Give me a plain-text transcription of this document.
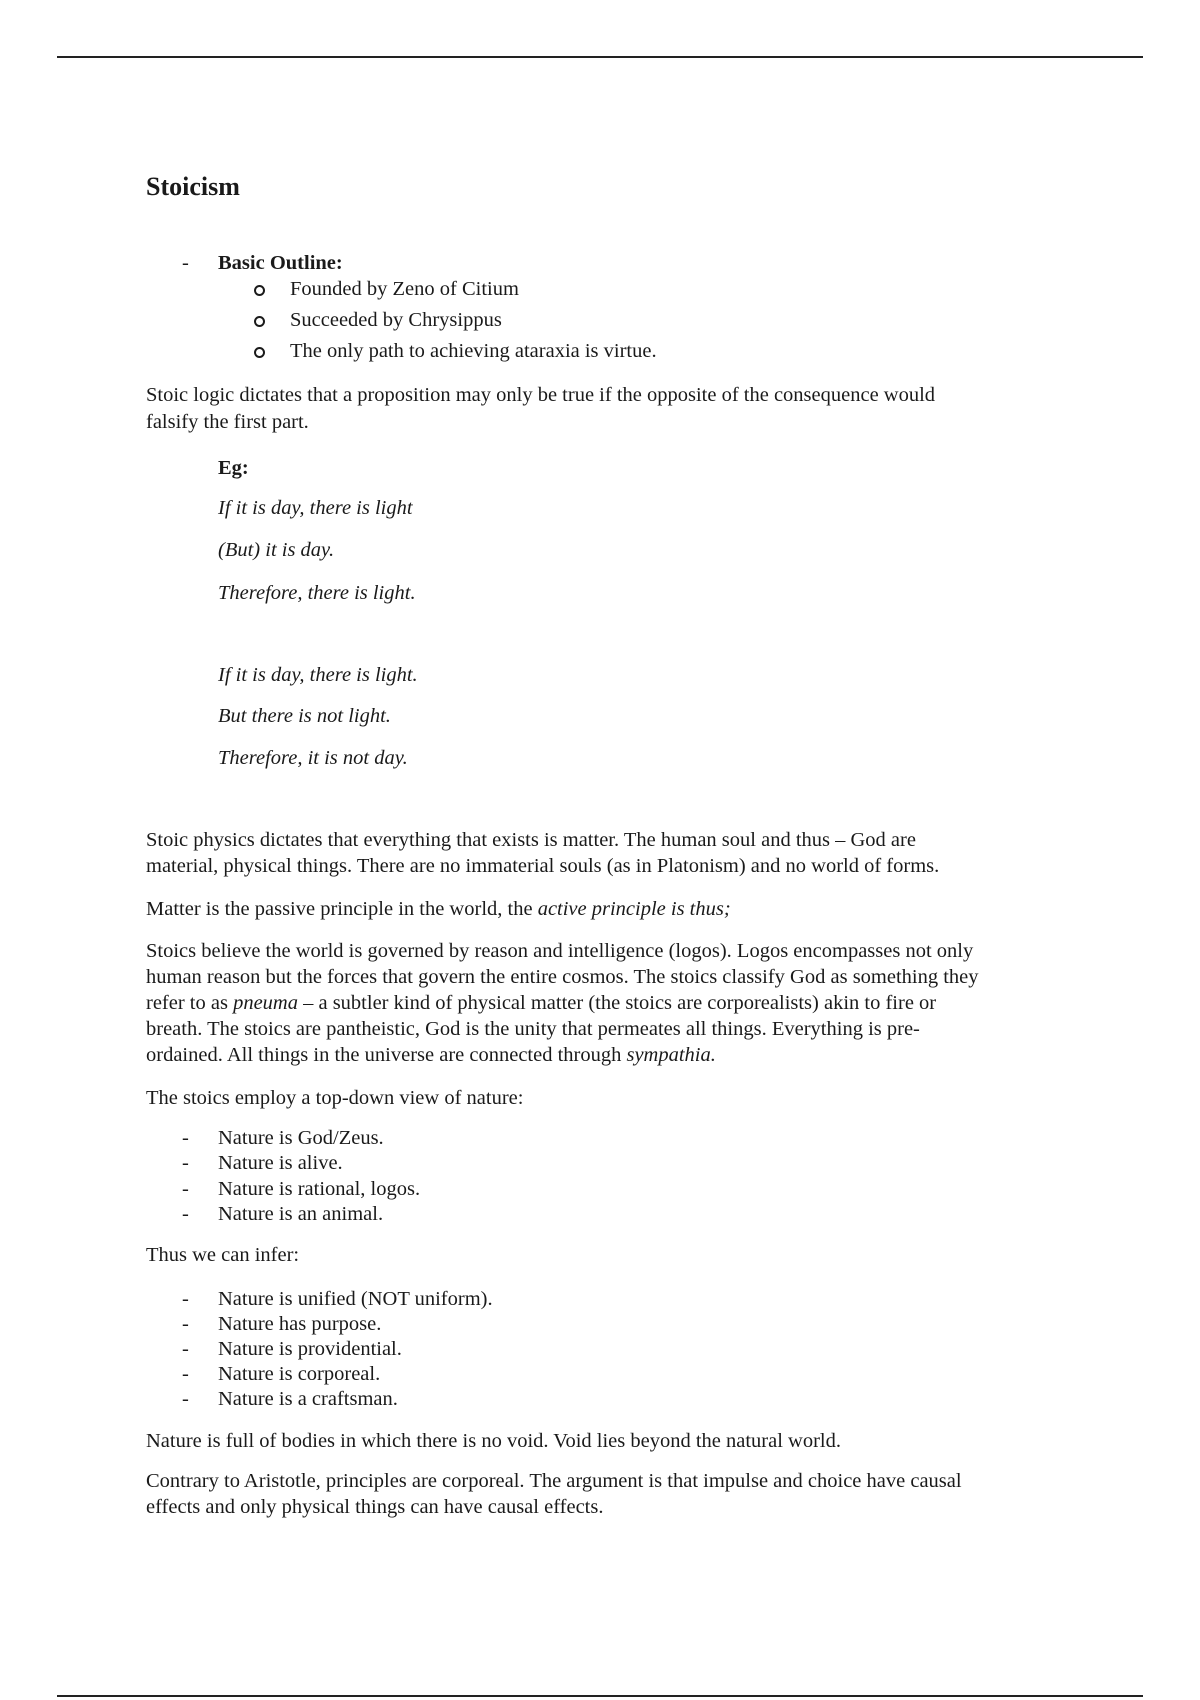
Stoicism
- Basic Outline:
Founded by Zeno of Citium
Succeeded by Chrysippus
The only path to achieving ataraxia is virtue.
Stoic logic dictates that a proposition may only be true if the opposite of the consequence would
falsify the first part.
Eg:
If it is day, there is light
(But) it is day.
Therefore, there is light.
If it is day, there is light.
But there is not light.
Therefore, it is not day.
Stoic physics dictates that everything that exists is matter. The human soul and thus – God are
material, physical things. There are no immaterial souls (as in Platonism) and no world of forms.
Matter is the passive principle in the world, the active principle is thus;
Stoics believe the world is governed by reason and intelligence (logos). Logos encompasses not only
human reason but the forces that govern the entire cosmos. The stoics classify God as something they
refer to as pneuma – a subtler kind of physical matter (the stoics are corporealists) akin to fire or
breath. The stoics are pantheistic, God is the unity that permeates all things. Everything is pre-
ordained. All things in the universe are connected through sympathia.
The stoics employ a top-down view of nature:
- Nature is God/Zeus.
- Nature is alive.
- Nature is rational, logos.
- Nature is an animal.
Thus we can infer:
- Nature is unified (NOT uniform).
- Nature has purpose.
- Nature is providential.
- Nature is corporeal.
- Nature is a craftsman.
Nature is full of bodies in which there is no void. Void lies beyond the natural world.
Contrary to Aristotle, principles are corporeal. The argument is that impulse and choice have causal
effects and only physical things can have causal effects.
